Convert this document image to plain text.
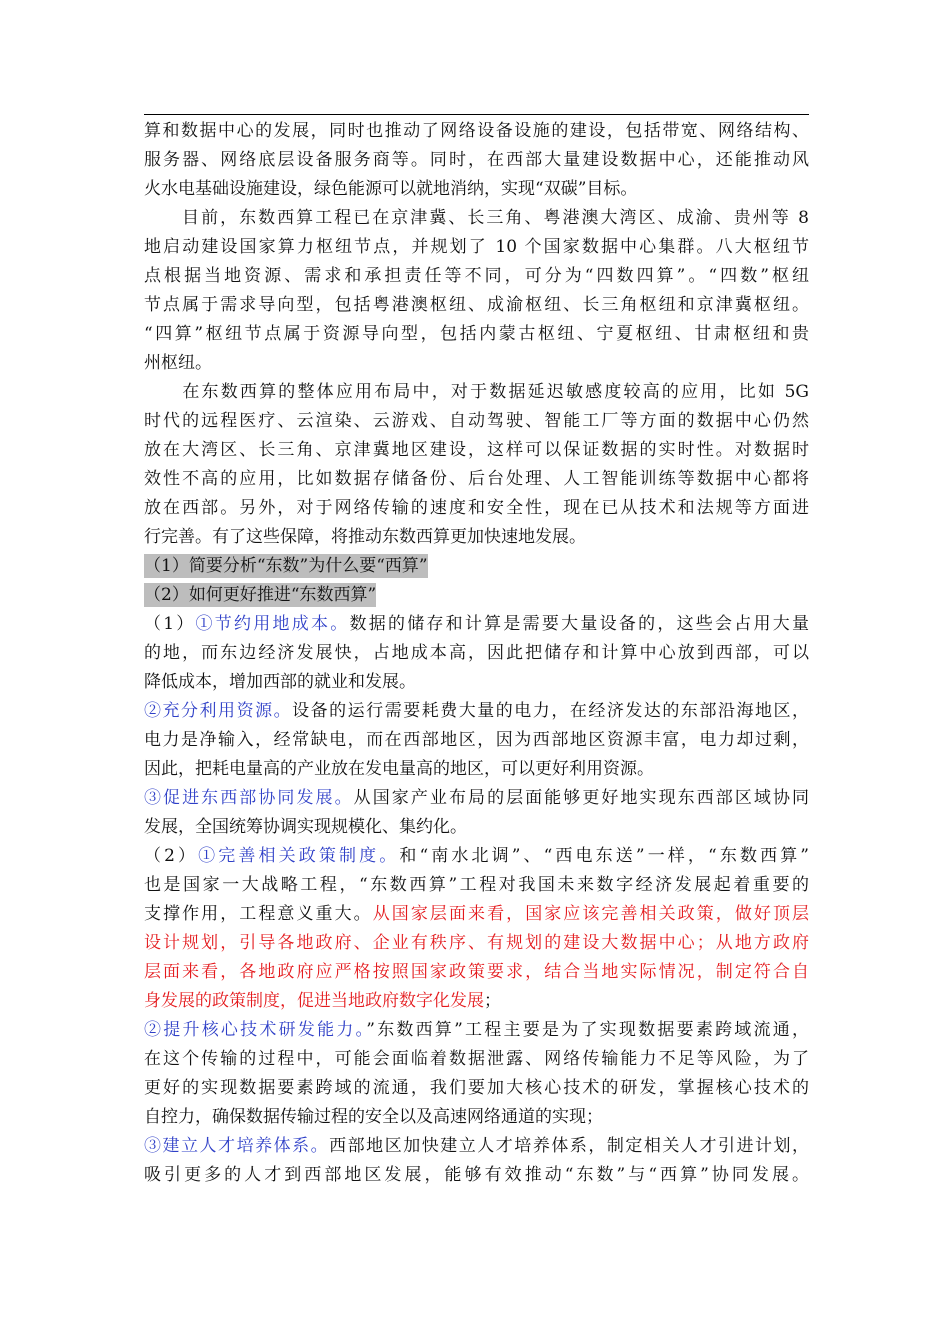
算和数据中心的发展，同时也推动了网络设备设施的建设，包括带宽、网络结构、
服务器、网络底层设备服务商等。同时，在西部大量建设数据中心，还能推动风
火水电基础设施建设，绿色能源可以就地消纳，实现“双碳”目标。
　　目前，东数西算工程已在京津冀、长三角、粤港澳大湾区、成渝、贵州等 8
地启动建设国家算力枢纽节点，并规划了 10 个国家数据中心集群。八大枢纽节
点根据当地资源、需求和承担责任等不同，可分为“四数四算”。“四数”枢纽
节点属于需求导向型，包括粤港澳枢纽、成渝枢纽、长三角枢纽和京津冀枢纽。
“四算”枢纽节点属于资源导向型，包括内蒙古枢纽、宁夏枢纽、甘肃枢纽和贵
州枢纽。
　　在东数西算的整体应用布局中，对于数据延迟敏感度较高的应用，比如 5G
时代的远程医疗、云渲染、云游戏、自动驾驶、智能工厂等方面的数据中心仍然
放在大湾区、长三角、京津冀地区建设，这样可以保证数据的实时性。对数据时
效性不高的应用，比如数据存储备份、后台处理、人工智能训练等数据中心都将
放在西部。另外，对于网络传输的速度和安全性，现在已从技术和法规等方面进
行完善。有了这些保障，将推动东数西算更加快速地发展。
（1）简要分析“东数”为什么要“西算”
（2）如何更好推进“东数西算”
（1）①节约用地成本。数据的储存和计算是需要大量设备的，这些会占用大量
的地，而东边经济发展快，占地成本高，因此把储存和计算中心放到西部，可以
降低成本，增加西部的就业和发展。
②充分利用资源。设备的运行需要耗费大量的电力，在经济发达的东部沿海地区，
电力是净输入，经常缺电，而在西部地区，因为西部地区资源丰富，电力却过剩，
因此，把耗电量高的产业放在发电量高的地区，可以更好利用资源。
③促进东西部协同发展。从国家产业布局的层面能够更好地实现东西部区域协同
发展，全国统筹协调实现规模化、集约化。
（2）①完善相关政策制度。和“南水北调”、“西电东送”一样，“东数西算”
也是国家一大战略工程，“东数西算”工程对我国未来数字经济发展起着重要的
支撑作用，工程意义重大。从国家层面来看，国家应该完善相关政策，做好顶层
设计规划，引导各地政府、企业有秩序、有规划的建设大数据中心；从地方政府
层面来看，各地政府应严格按照国家政策要求，结合当地实际情况，制定符合自
身发展的政策制度，促进当地政府数字化发展；
②提升核心技术研发能力。”东数西算”工程主要是为了实现数据要素跨域流通，
在这个传输的过程中，可能会面临着数据泄露、网络传输能力不足等风险，为了
更好的实现数据要素跨域的流通，我们要加大核心技术的研发，掌握核心技术的
自控力，确保数据传输过程的安全以及高速网络通道的实现；
③建立人才培养体系。西部地区加快建立人才培养体系，制定相关人才引进计划，
吸引更多的人才到西部地区发展，能够有效推动“东数”与“西算”协同发展。
